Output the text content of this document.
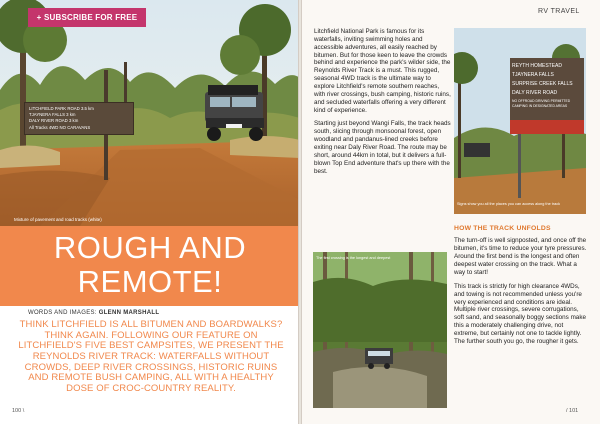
LITCHFIELD PARK ROAD 3.5 km
TJAYNERA FALLS 3 km
DALY RIVER ROAD 3 km
All Tracks 4WD NO CARAVANS
+ SUBSCRIBE FOR FREE
Mixture of pavement and road tracks (white)
ROUGH AND
REMOTE!
WORDS AND IMAGES: GLENN MARSHALL
THINK LITCHFIELD IS ALL BITUMEN AND BOARDWALKS? THINK AGAIN. FOLLOWING OUR FEATURE ON LITCHFIELD'S FIVE BEST CAMPSITES, WE PRESENT THE REYNOLDS RIVER TRACK: WATERFALLS WITHOUT CROWDS, DEEP RIVER CROSSINGS, HISTORIC RUINS AND REMOTE BUSH CAMPING, ALL WITH A HEALTHY DOSE OF CROC-COUNTRY REALITY.
100 \
RV TRAVEL

Litchfield National Park is famous for its waterfalls, inviting swimming holes and accessible adventures, all easily reached by bitumen. But for those keen to leave the crowds behind and experience the park's wilder side, the Reynolds River Track is a must. This rugged, seasonal 4WD track is the ultimate way to explore Litchfield's remote southern reaches, with river crossings, bush camping, historic ruins, and secluded waterfalls offering a very different kind of experience.

Starting just beyond Wangi Falls, the track heads south, slicing through monsoonal forest, open woodland and pandanus-lined creeks before exiting near Daly River Road. The route may be short, around 44km in total, but it delivers a full-blown Top End adventure that's up there with the best.

REYTH HOMESTEAD
TJAYNERA FALLS
SURPRISE CREEK FALLS
DALY RIVER ROAD
NO OFFROAD DRIVING PERMITTED
CAMPING IN DESIGNATED AREAS
Signs show you all the places you can access along the track
The first crossing is the longest and deepest
HOW THE TRACK UNFOLDS

The turn-off is well signposted, and once off the bitumen, it's time to reduce your tyre pressures. Around the first bend is the longest and often deepest water crossing on the track. What a way to start!

This track is strictly for high clearance 4WDs, and towing is not recommended unless you're very experienced and conditions are ideal. Multiple river crossings, severe corrugations, soft sand, and seasonally boggy sections make this a moderately challenging drive, not extreme, but certainly not one to tackle lightly. The further south you go, the rougher it gets.

/ 101
